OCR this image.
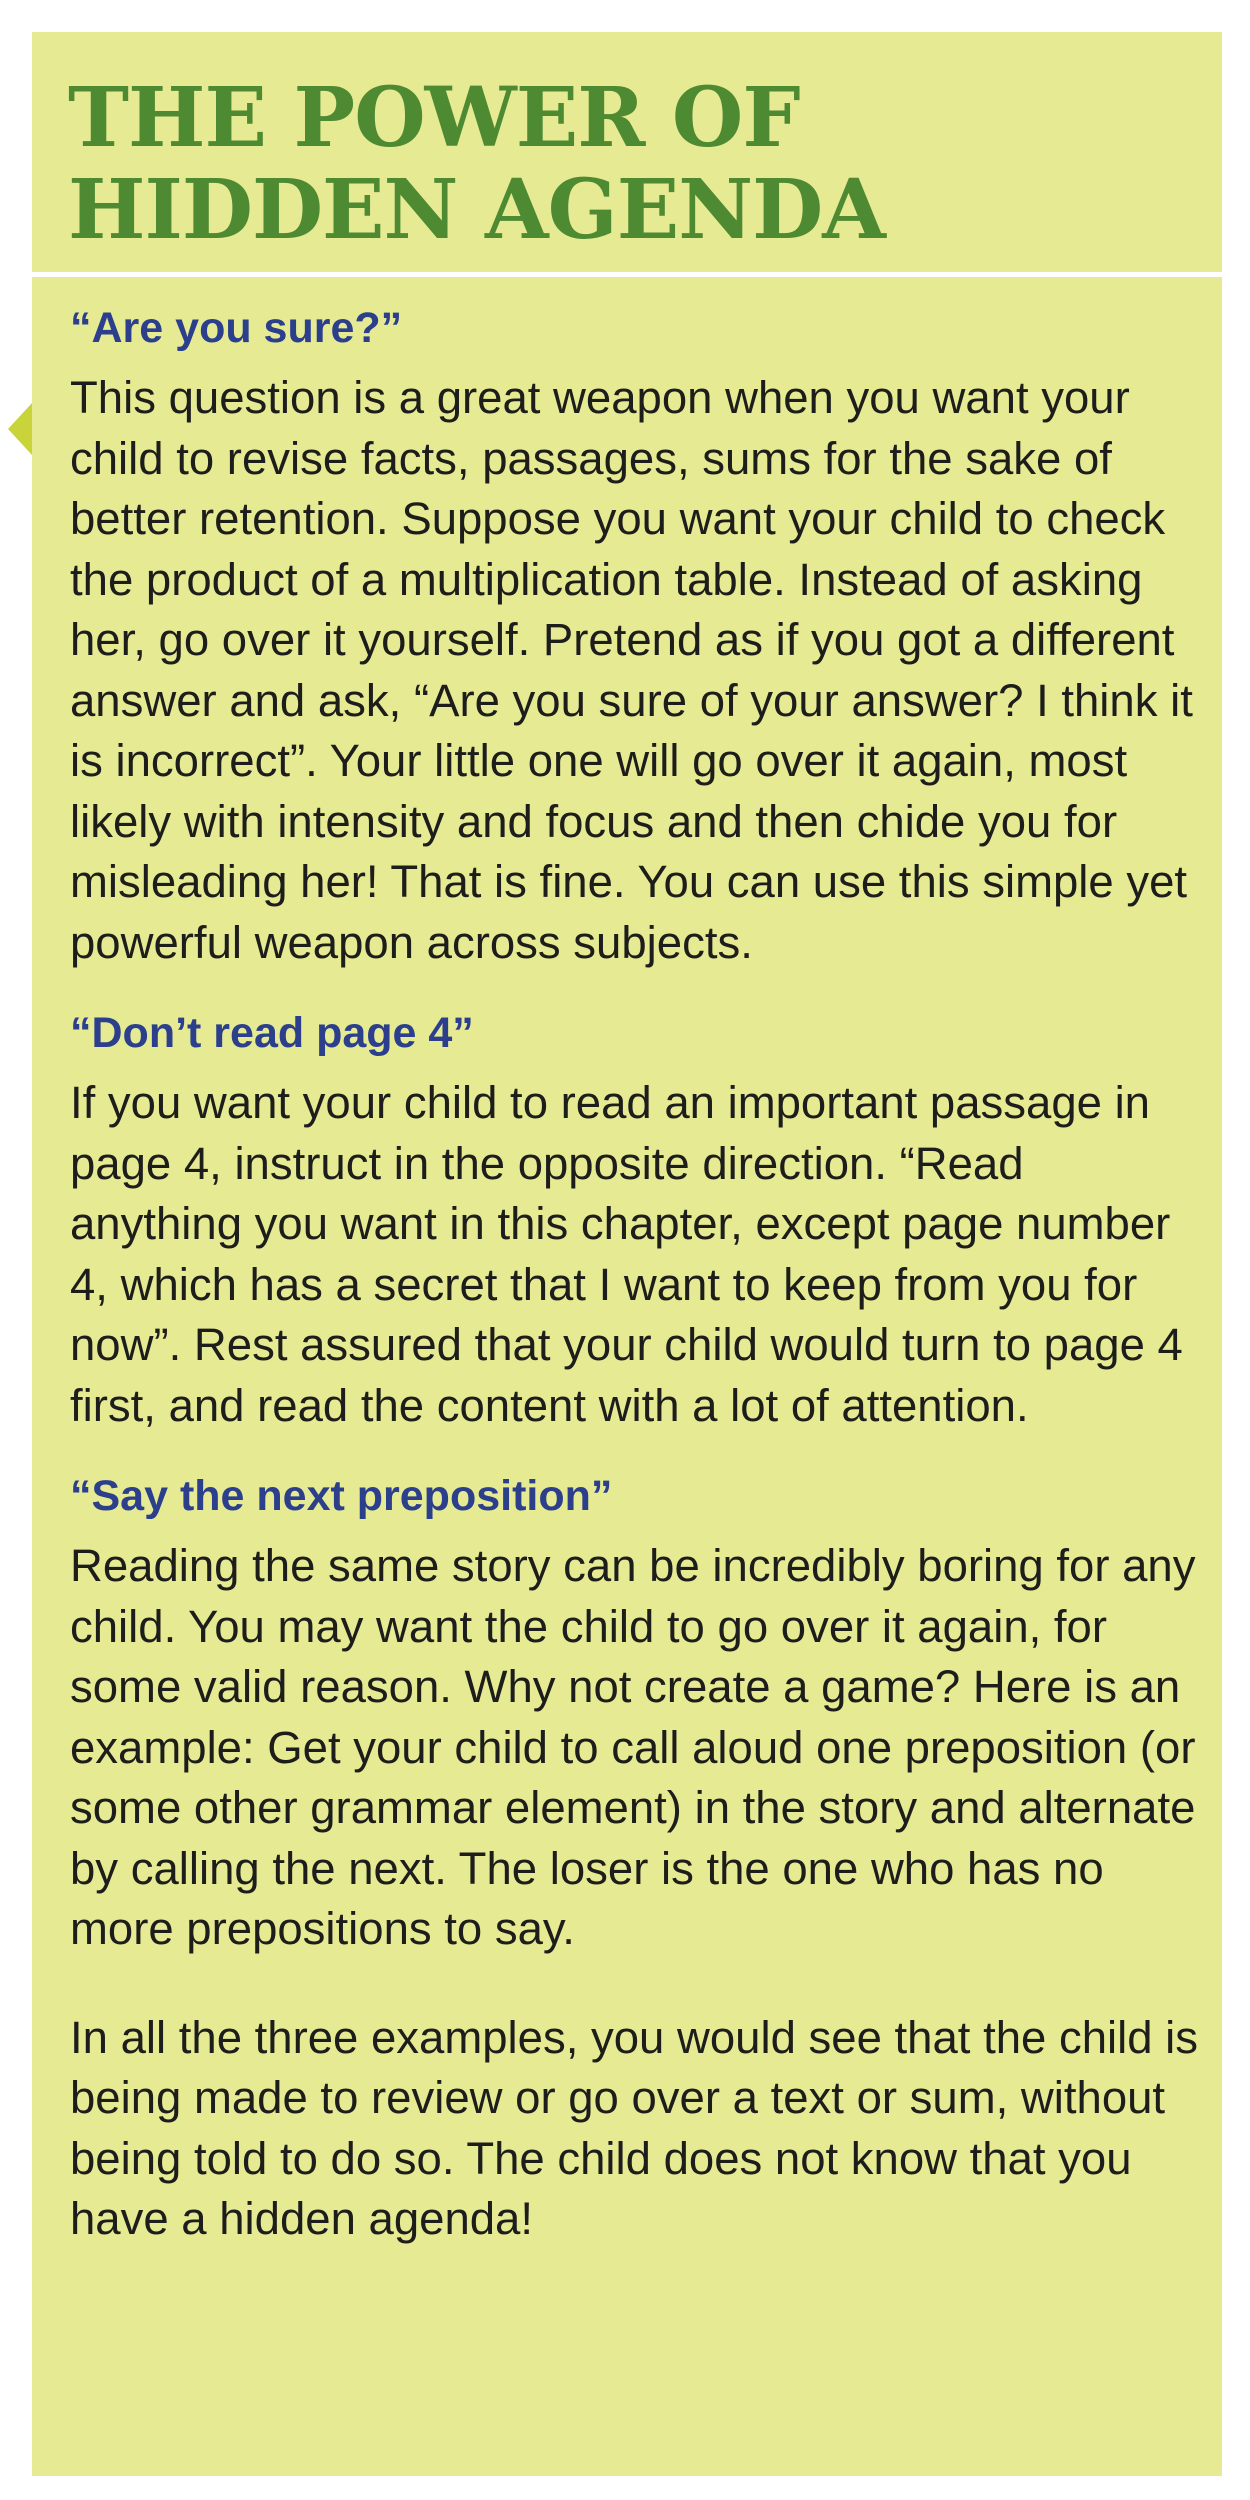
THE POWER OF
HIDDEN AGENDA
“Are you sure?”

This question is a great weapon when you want your child to revise facts, passages, sums for the sake of better retention. Suppose you want your child to check the product of a multiplication table. Instead of asking her, go over it yourself. Pretend as if you got a different answer and ask, “Are you sure of your answer? I think it is incorrect”. Your little one will go over it again, most likely with intensity and focus and then chide you for misleading her! That is fine. You can use this simple yet powerful weapon across subjects.

“Don’t read page 4”

If you want your child to read an important passage in page 4, instruct in the opposite direction. “Read anything you want in this chapter, except page number 4, which has a secret that I want to keep from you for now”. Rest assured that your child would turn to page 4 first, and read the content with a lot of attention.

“Say the next preposition”

Reading the same story can be incredibly boring for any child. You may want the child to go over it again, for some valid reason. Why not create a game? Here is an example: Get your child to call aloud one preposition (or some other grammar element) in the story and alternate by calling the next. The loser is the one who has no more prepositions to say.

In all the three examples, you would see that the child is being made to review or go over a text or sum, without being told to do so. The child does not know that you have a hidden agenda!
